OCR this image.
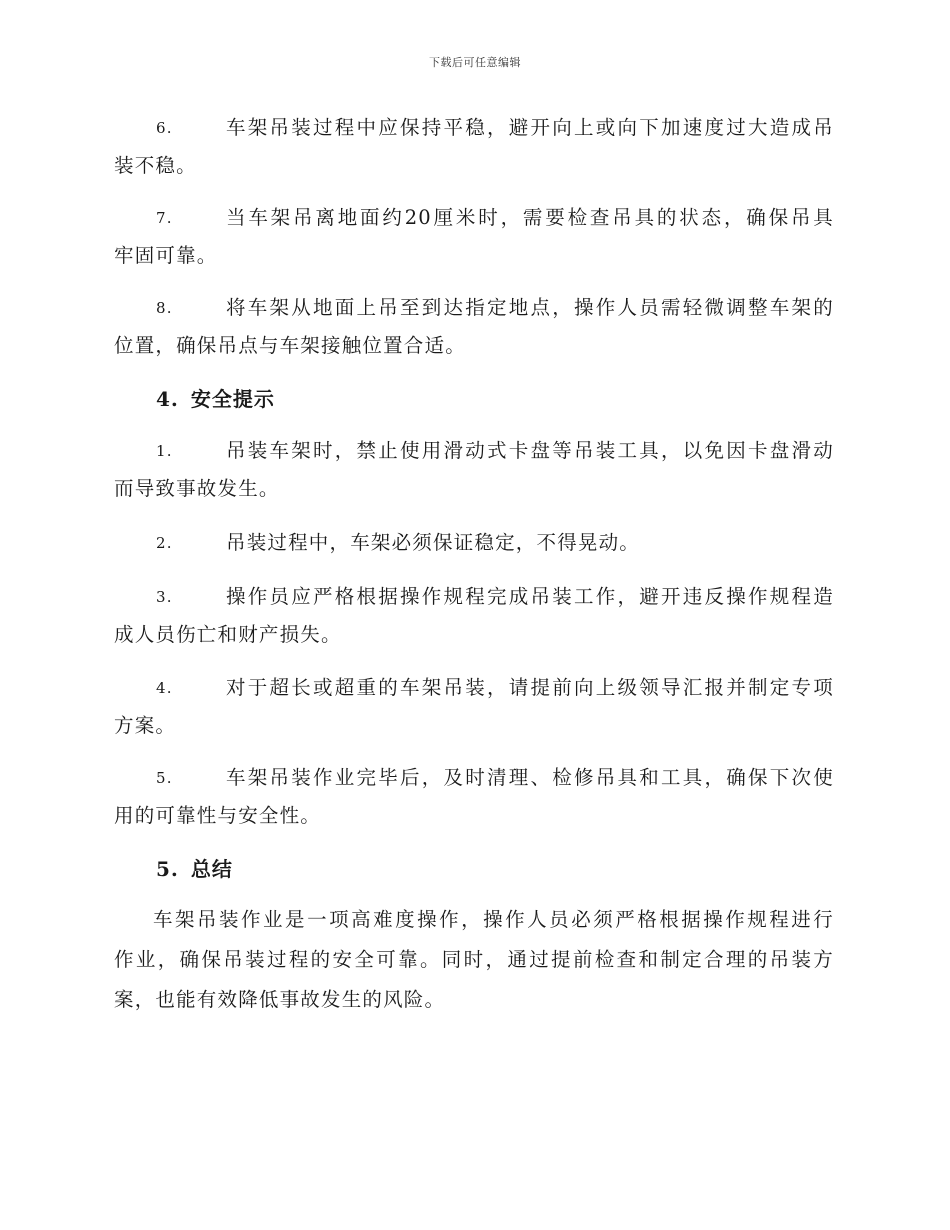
下载后可任意编辑
6.	车架吊装过程中应保持平稳，避开向上或向下加速度过大造成吊
装不稳。
7.	当车架吊离地面约20厘米时，需要检查吊具的状态，确保吊具
牢固可靠。
8.	将车架从地面上吊至到达指定地点，操作人员需轻微调整车架的
位置，确保吊点与车架接触位置合适。
4. 安全提示
1.	吊装车架时，禁止使用滑动式卡盘等吊装工具，以免因卡盘滑动
而导致事故发生。
2.	吊装过程中，车架必须保证稳定，不得晃动。
3.	操作员应严格根据操作规程完成吊装工作，避开违反操作规程造
成人员伤亡和财产损失。
4.	对于超长或超重的车架吊装，请提前向上级领导汇报并制定专项
方案。
5.	车架吊装作业完毕后，及时清理、检修吊具和工具，确保下次使
用的可靠性与安全性。
5. 总结
车架吊装作业是一项高难度操作，操作人员必须严格根据操作规程进行
作业，确保吊装过程的安全可靠。同时，通过提前检查和制定合理的吊装方
案，也能有效降低事故发生的风险。
